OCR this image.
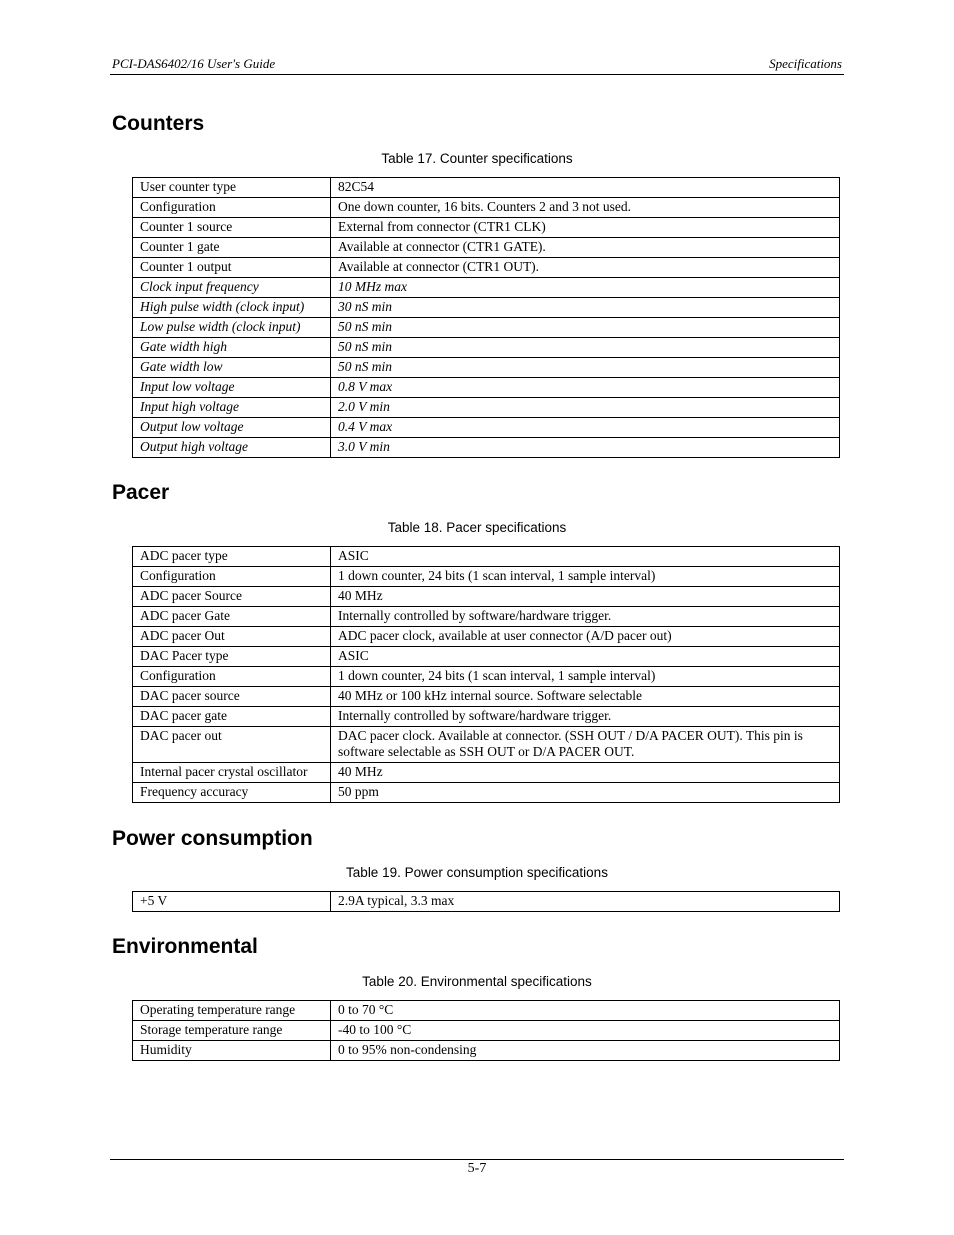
PCI-DAS6402/16 User's Guide	Specifications
Counters
Table 17. Counter specifications
User counter type	82C54
Configuration	One down counter, 16 bits. Counters 2 and 3 not used.
Counter 1 source	External from connector (CTR1 CLK)
Counter 1 gate	Available at connector (CTR1 GATE).
Counter 1 output	Available at connector (CTR1 OUT).
Clock input frequency	10 MHz max
High pulse width (clock input)	30 nS min
Low pulse width (clock input)	50 nS min
Gate width high	50 nS min
Gate width low	50 nS min
Input low voltage	0.8 V max
Input high voltage	2.0 V min
Output low voltage	0.4 V max
Output high voltage	3.0 V min
Pacer
Table 18. Pacer specifications
ADC pacer type	ASIC
Configuration	1 down counter, 24 bits (1 scan interval, 1 sample interval)
ADC pacer Source	40 MHz
ADC pacer Gate	Internally controlled by software/hardware trigger.
ADC pacer Out	ADC pacer clock, available at user connector (A/D pacer out)
DAC Pacer type	ASIC
Configuration	1 down counter, 24 bits (1 scan interval, 1 sample interval)
DAC pacer source	40 MHz or 100 kHz internal source. Software selectable
DAC pacer gate	Internally controlled by software/hardware trigger.
DAC pacer out	DAC pacer clock. Available at connector. (SSH OUT / D/A PACER OUT). This pin is software selectable as SSH OUT or D/A PACER OUT.
Internal pacer crystal oscillator	40 MHz
Frequency accuracy	50 ppm
Power consumption
Table 19. Power consumption specifications
+5 V	2.9A typical, 3.3 max
Environmental
Table 20. Environmental specifications
Operating temperature range	0 to 70 °C
Storage temperature range	-40 to 100 °C
Humidity	0 to 95% non-condensing
5-7
